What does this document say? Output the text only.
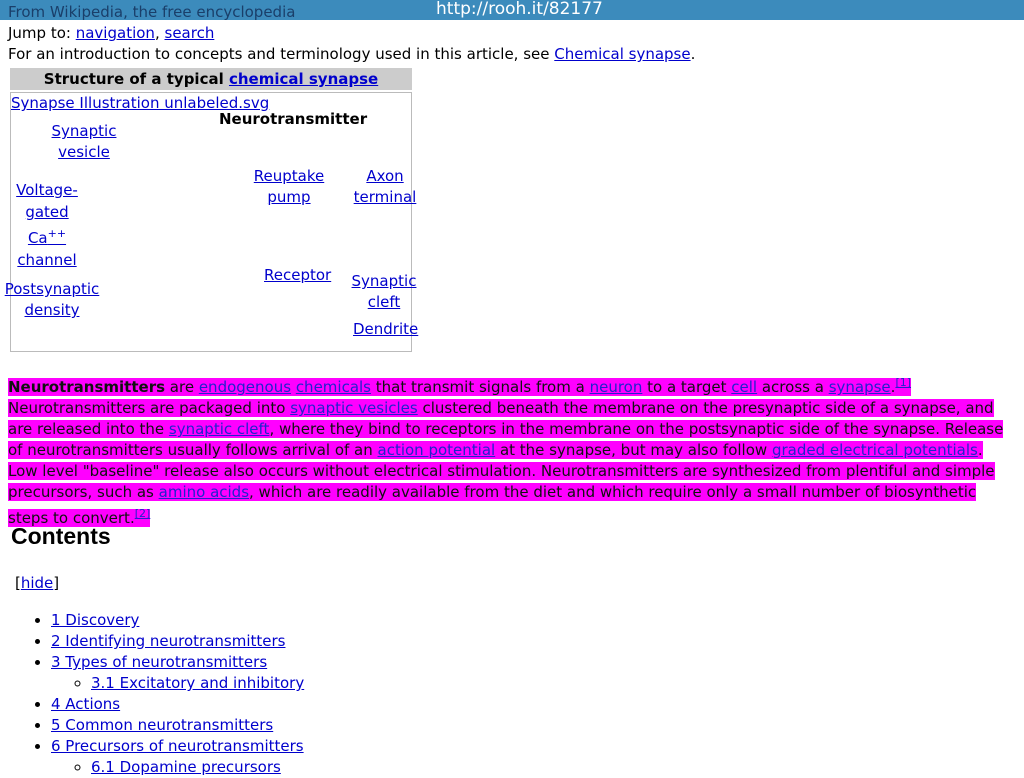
From Wikipedia, the free encyclopedia	http://rooh.it/82177
Jump to: navigation, search
For an introduction to concepts and terminology used in this article, see Chemical synapse.
Structure of a typical chemical synapse
Synapse Illustration unlabeled.svg
Neurotransmitter
Synaptic
vesicle
Voltage-
gated Ca++
channel
Reuptake
pump
Axon
terminal
Postsynaptic
density
Receptor Synaptic
cleft
Dendrite
Neurotransmitters are endogenous chemicals that transmit signals from a neuron to a target cell across a synapse.[1] Neurotransmitters are packaged into synaptic vesicles clustered beneath the membrane on the presynaptic side of a synapse, and are released into the synaptic cleft, where they bind to receptors in the membrane on the postsynaptic side of the synapse. Release of neurotransmitters usually follows arrival of an action potential at the synapse, but may also follow graded electrical potentials. Low level "baseline" release also occurs without electrical stimulation. Neurotransmitters are synthesized from plentiful and simple precursors, such as amino acids, which are readily available from the diet and which require only a small number of biosynthetic steps to convert.[2]
Contents
[hide]
• 1 Discovery
• 2 Identifying neurotransmitters
• 3 Types of neurotransmitters
◦ 3.1 Excitatory and inhibitory
• 4 Actions
• 5 Common neurotransmitters
• 6 Precursors of neurotransmitters
◦ 6.1 Dopamine precursors
